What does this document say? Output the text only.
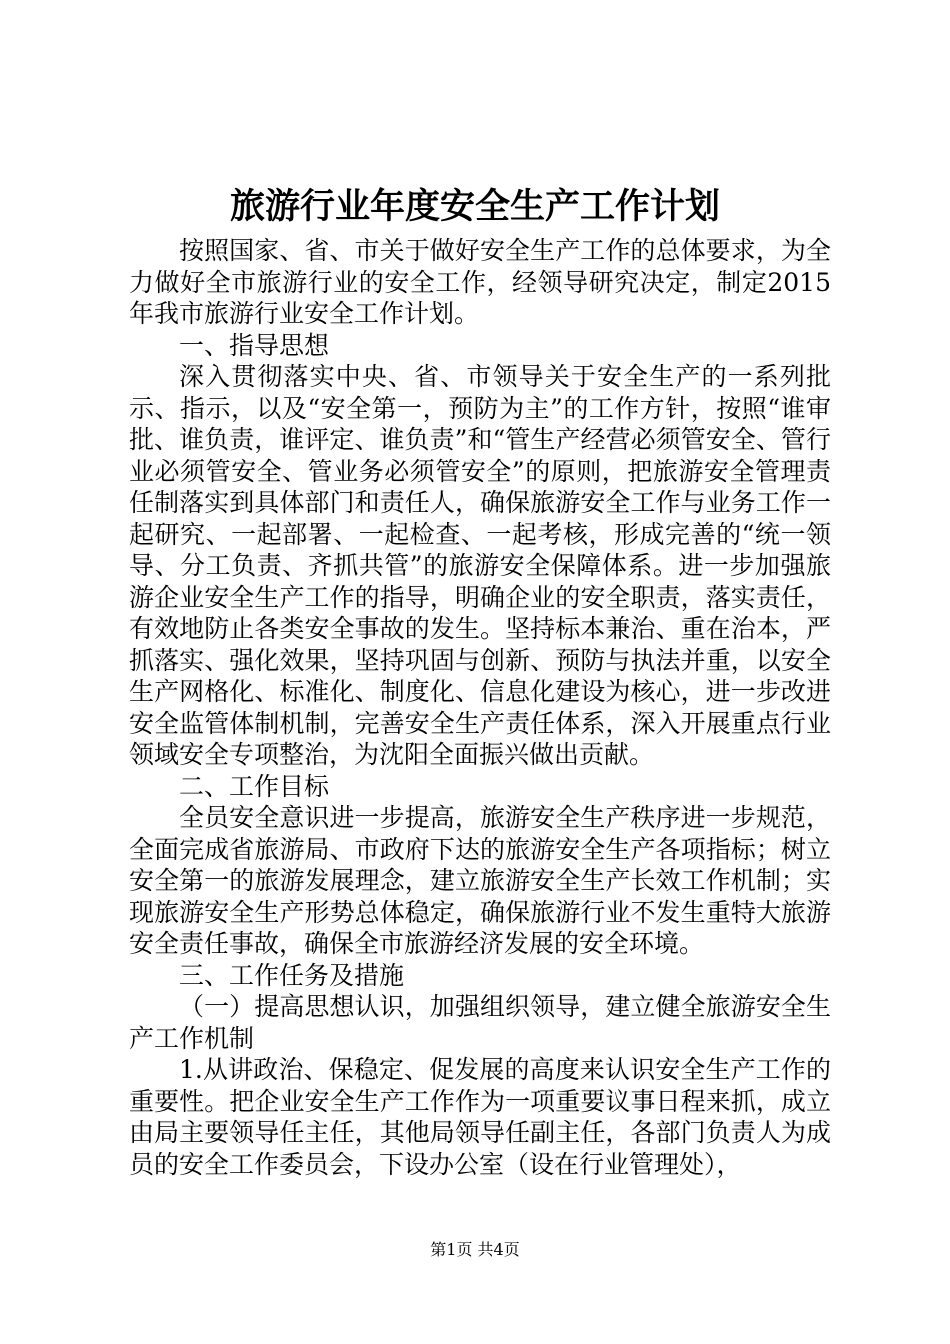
旅游行业年度安全生产工作计划

按照国家、省、市关于做好安全生产工作的总体要求，为全力做好全市旅游行业的安全工作，经领导研究决定，制定2015年我市旅游行业安全工作计划。

一、指导思想

深入贯彻落实中央、省、市领导关于安全生产的一系列批示、指示，以及“安全第一，预防为主”的工作方针，按照“谁审批、谁负责，谁评定、谁负责”和“管生产经营必须管安全、管行业必须管安全、管业务必须管安全”的原则，把旅游安全管理责任制落实到具体部门和责任人，确保旅游安全工作与业务工作一起研究、一起部署、一起检查、一起考核，形成完善的“统一领导、分工负责、齐抓共管”的旅游安全保障体系。进一步加强旅游企业安全生产工作的指导，明确企业的安全职责，落实责任，有效地防止各类安全事故的发生。坚持标本兼治、重在治本，严抓落实、强化效果，坚持巩固与创新、预防与执法并重，以安全生产网格化、标准化、制度化、信息化建设为核心，进一步改进安全监管体制机制，完善安全生产责任体系，深入开展重点行业领域安全专项整治，为沈阳全面振兴做出贡献。

二、工作目标

全员安全意识进一步提高，旅游安全生产秩序进一步规范，全面完成省旅游局、市政府下达的旅游安全生产各项指标；树立安全第一的旅游发展理念，建立旅游安全生产长效工作机制；实现旅游安全生产形势总体稳定，确保旅游行业不发生重特大旅游安全责任事故，确保全市旅游经济发展的安全环境。

三、工作任务及措施

（一）提高思想认识，加强组织领导，建立健全旅游安全生产工作机制

1.从讲政治、保稳定、促发展的高度来认识安全生产工作的重要性。把企业安全生产工作作为一项重要议事日程来抓，成立由局主要领导任主任，其他局领导任副主任，各部门负责人为成员的安全工作委员会，下设办公室（设在行业管理处），

第1页 共4页
